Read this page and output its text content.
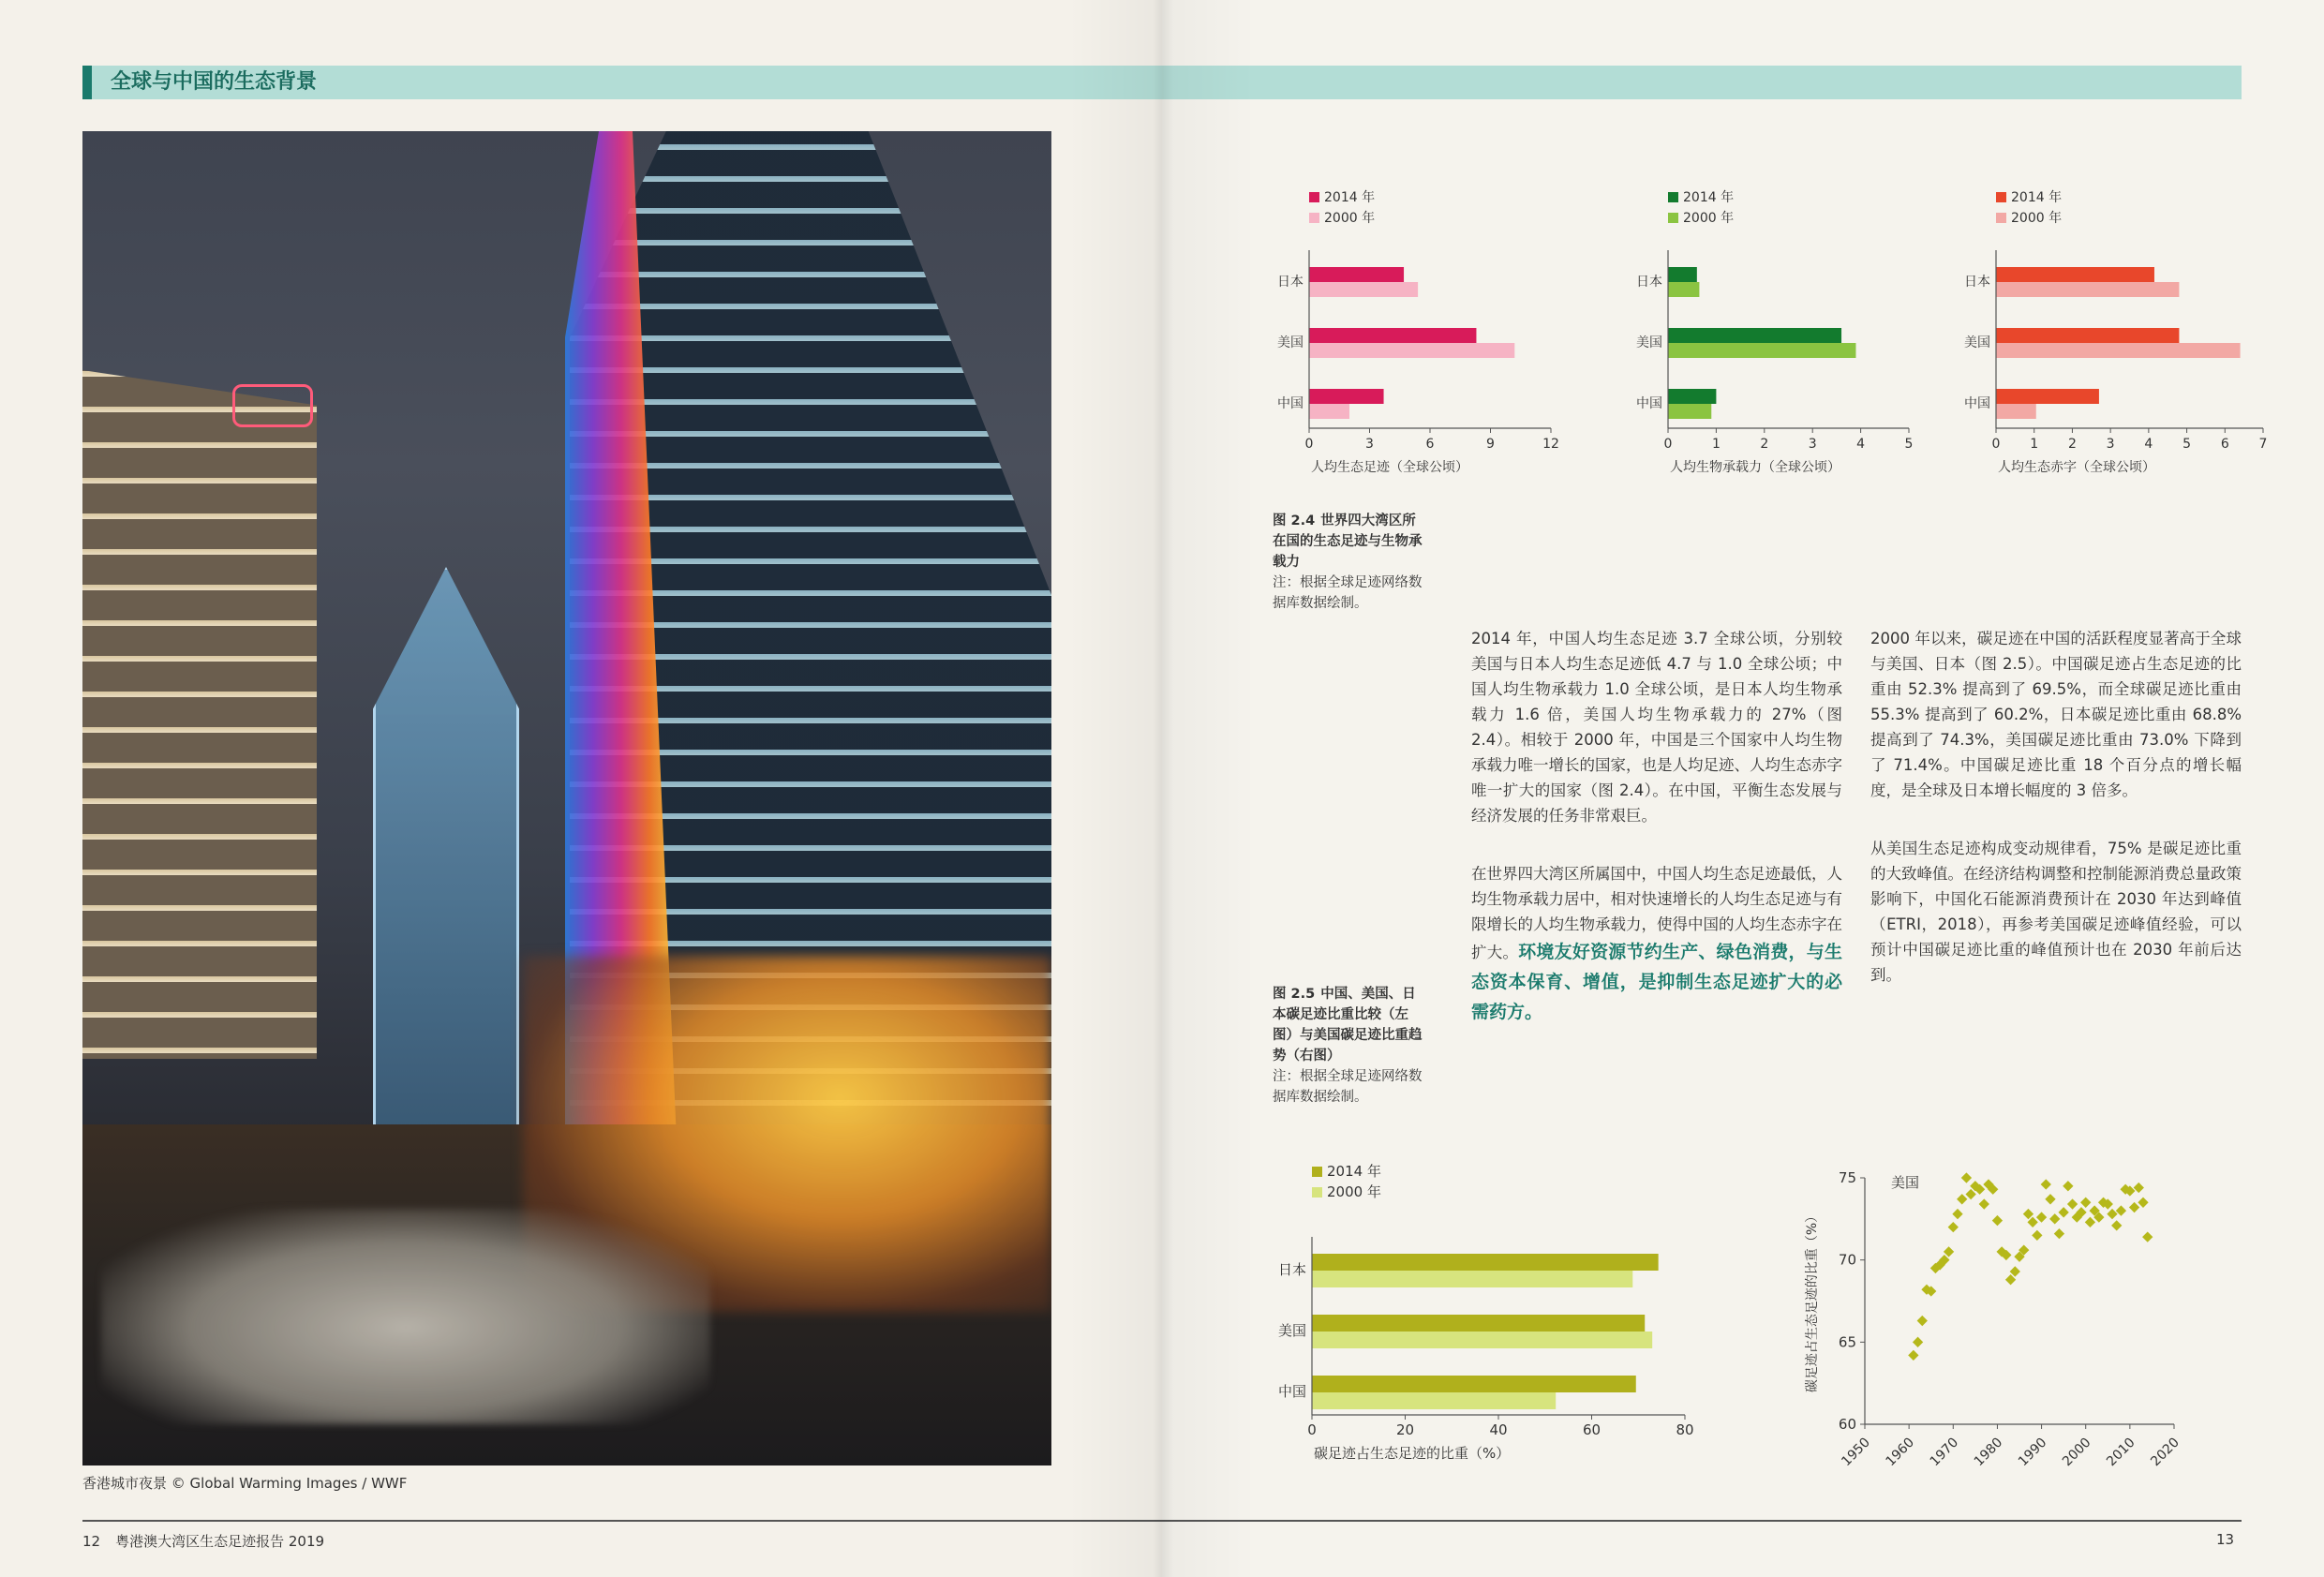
全球与中国的生态背景
香港城市夜景 © Global Warming Images / WWF
2014 年
2000 年
日本
美国
中国
0	3	6	9	12
人均生态足迹（全球公顷）
2014 年
2000 年
日本
美国
中国
0	1	2	3	4	5
人均生物承载力（全球公顷）
2014 年
2000 年
日本
美国
中国
0 1 2 3 4 5 6 7
人均生态赤字（全球公顷）
图 2.4 世界四大湾区所在国的生态足迹与生物承载力
注：根据全球足迹网络数据库数据绘制。

2014 年，中国人均生态足迹 3.7 全球公顷，分别较美国与日本人均生态足迹低 4.7 与 1.0 全球公顷；中国人均生物承载力 1.0 全球公顷，是日本人均生物承载力 1.6 倍，美国人均生物承载力的 27%（图 2.4）。相较于 2000 年，中国是三个国家中人均生物承载力唯一增长的国家，也是人均足迹、人均生态赤字唯一扩大的国家（图 2.4）。在中国，平衡生态发展与经济发展的任务非常艰巨。

在世界四大湾区所属国中，中国人均生态足迹最低，人均生物承载力居中，相对快速增长的人均生态足迹与有限增长的人均生物承载力，使得中国的人均生态赤字在扩大。环境友好资源节约生产、绿色消费，与生态资本保育、增值，是抑制生态足迹扩大的必需药方。

2000 年以来，碳足迹在中国的活跃程度显著高于全球与美国、日本（图 2.5）。中国碳足迹占生态足迹的比重由 52.3% 提高到了 69.5%，而全球碳足迹比重由 55.3% 提高到了 60.2%，日本碳足迹比重由 68.8% 提高到了 74.3%，美国碳足迹比重由 73.0% 下降到了 71.4%。中国碳足迹比重 18 个百分点的增长幅度，是全球及日本增长幅度的 3 倍多。

从美国生态足迹构成变动规律看，75% 是碳足迹比重的大致峰值。在经济结构调整和控制能源消费总量政策影响下，中国化石能源消费预计在 2030 年达到峰值（ETRI，2018），再参考美国碳足迹峰值经验，可以预计中国碳足迹比重的峰值预计也在 2030 年前后达到。

图 2.5 中国、美国、日本碳足迹比重比较（左图）与美国碳足迹比重趋势（右图）
注：根据全球足迹网络数据库数据绘制。
2014 年
2000 年
日本
美国
中国
0	20	40	60	80
碳足迹占生态足迹的比重（%）
60
65
70
75
1950 1960 1970 1980 1990 2000 2010 2020
碳足迹占生态足迹的比重（%）
美国
12 粤港澳大湾区生态足迹报告 2019	13
